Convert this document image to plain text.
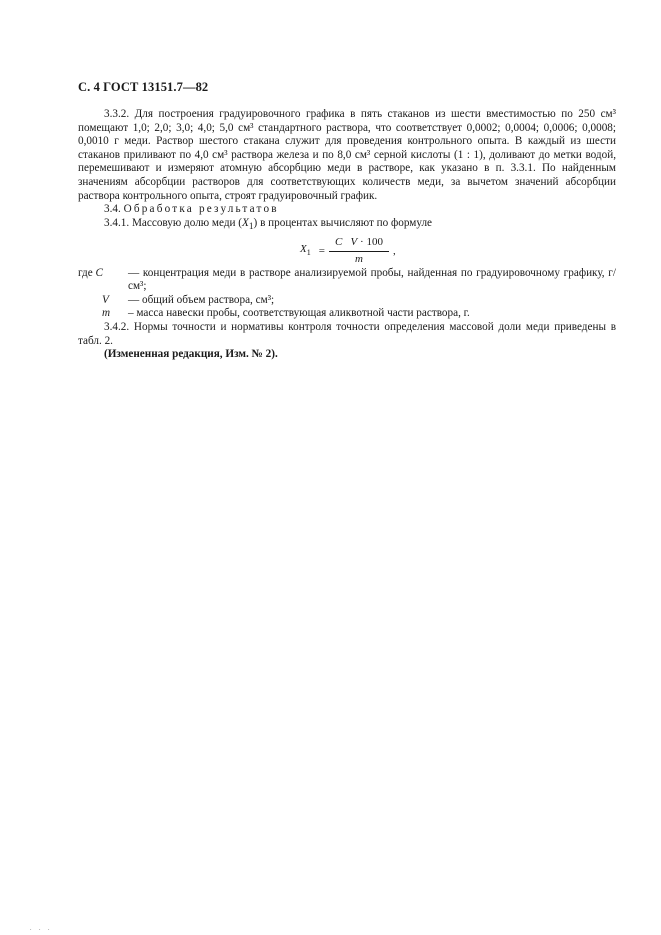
С. 4 ГОСТ 13151.7—82

3.3.2. Для построения градуировочного графика в пять стаканов из шести вместимостью по 250 см³ помещают 1,0; 2,0; 3,0; 4,0; 5,0 см³ стандартного раствора, что соответствует 0,0002; 0,0004; 0,0006; 0,0008; 0,0010 г меди. Раствор шестого стакана служит для проведения контрольного опыта. В каждый из шести стаканов приливают по 4,0 см³ раствора железа и по 8,0 см³ серной кислоты (1 : 1), доливают до метки водой, перемешивают и измеряют атомную абсорбцию меди в растворе, как указано в п. 3.3.1. По найденным значениям абсорбции растворов для соответствующих количеств меди, за вычетом значений абсорбции раствора контрольного опыта, строят градуировочный график.

3.4. Обработка результатов

3.4.1. Массовую долю меди $(X_1)$ в процентах вычисляют по формуле

$X_1 = \frac{\text{C V · 100}}{m}$ ,

где C — концентрация меди в растворе анализируемой пробы, найденная по градуировочному графику, г/см³;

V — общий объем раствора, см³;

m – масса навески пробы, соответствующая аликвотной части раствора, г.

3.4.2. Нормы точности и нормативы контроля точности определения массовой доли меди приведены в табл. 2.

(Измененная редакция, Изм. № 2).

. . .
